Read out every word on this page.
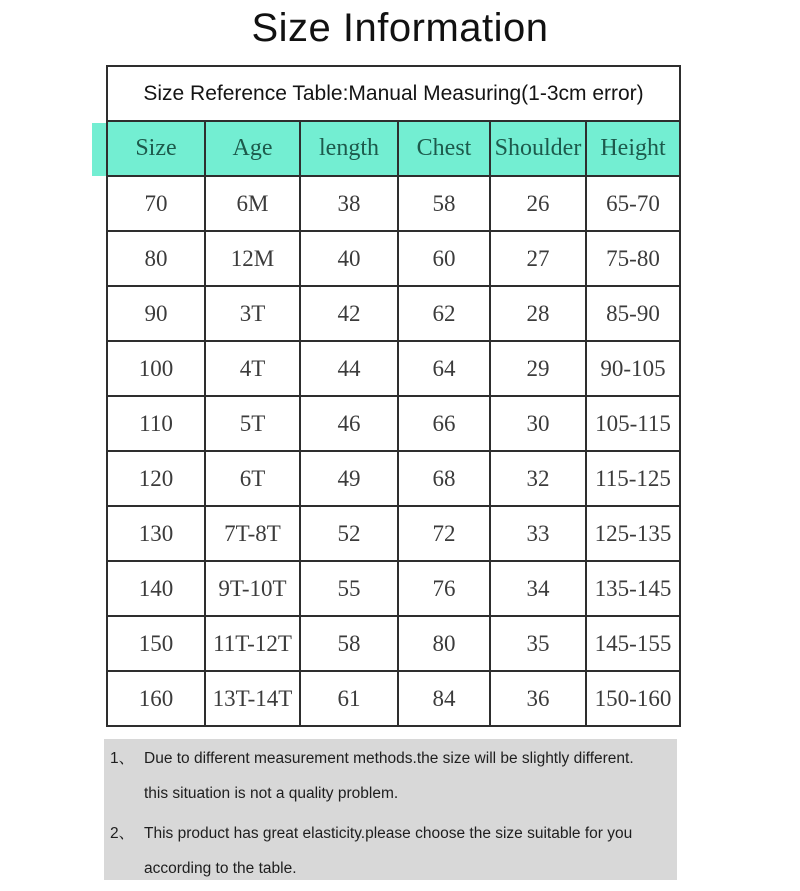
Size Information
Size Reference Table:Manual Measuring(1-3cm error)					
Size	Age	length	Chest	Shoulder	Height
70	6M	38	58	26	65-70
80	12M	40	60	27	75-80
90	3T	42	62	28	85-90
100	4T	44	64	29	90-105
110	5T	46	66	30	105-115
120	6T	49	68	32	115-125
130	7T-8T	52	72	33	125-135
140	9T-10T	55	76	34	135-145
150	11T-12T	58	80	35	145-155
160	13T-14T	61	84	36	150-160
1、 Due to different measurement methods.the size will be slightly different.
this situation is not a quality problem.
2、 This product has great elasticity.please choose the size suitable for you
according to the table.
